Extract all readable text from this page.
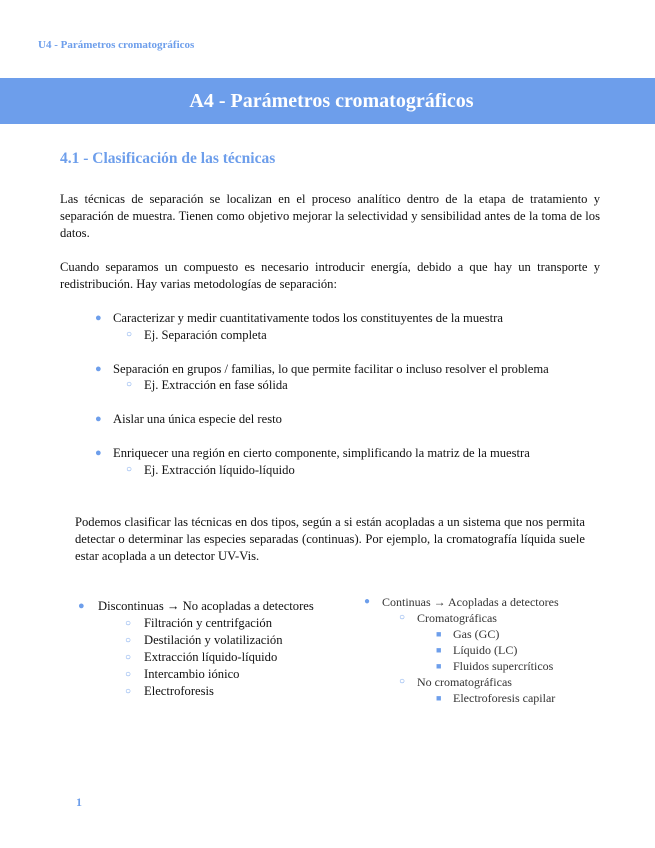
U4 - Parámetros cromatográficos
A4 - Parámetros cromatográficos
4.1 - Clasificación de las técnicas

Las técnicas de separación se localizan en el proceso analítico dentro de la etapa de tratamiento y separación de muestra. Tienen como objetivo mejorar la selectividad y sensibilidad antes de la toma de los datos.

Cuando separamos un compuesto es necesario introducir energía, debido a que hay un transporte y redistribución. Hay varias metodologías de separación:

● Caracterizar y medir cuantitativamente todos los constituyentes de la muestra
○ Ej. Separación completa
● Separación en grupos / familias, lo que permite facilitar o incluso resolver el problema
○ Ej. Extracción en fase sólida
● Aislar una única especie del resto
● Enriquecer una región en cierto componente, simplificando la matriz de la muestra
○ Ej. Extracción líquido-líquido

Podemos clasificar las técnicas en dos tipos, según a si están acopladas a un sistema que nos permita detectar o determinar las especies separadas (continuas). Por ejemplo, la cromatografía líquida suele estar acoplada a un detector UV-Vis.

● Discontinuas → No acopladas a detectores
○ Filtración y centrifgación
○ Destilación y volatilización
○ Extracción líquido-líquido
○ Intercambio iónico
○ Electroforesis
● Continuas → Acopladas a detectores
○ Cromatográficas
■ Gas (GC)
■ Líquido (LC)
■ Fluidos supercríticos
○ No cromatográficas
■ Electroforesis capilar
1
